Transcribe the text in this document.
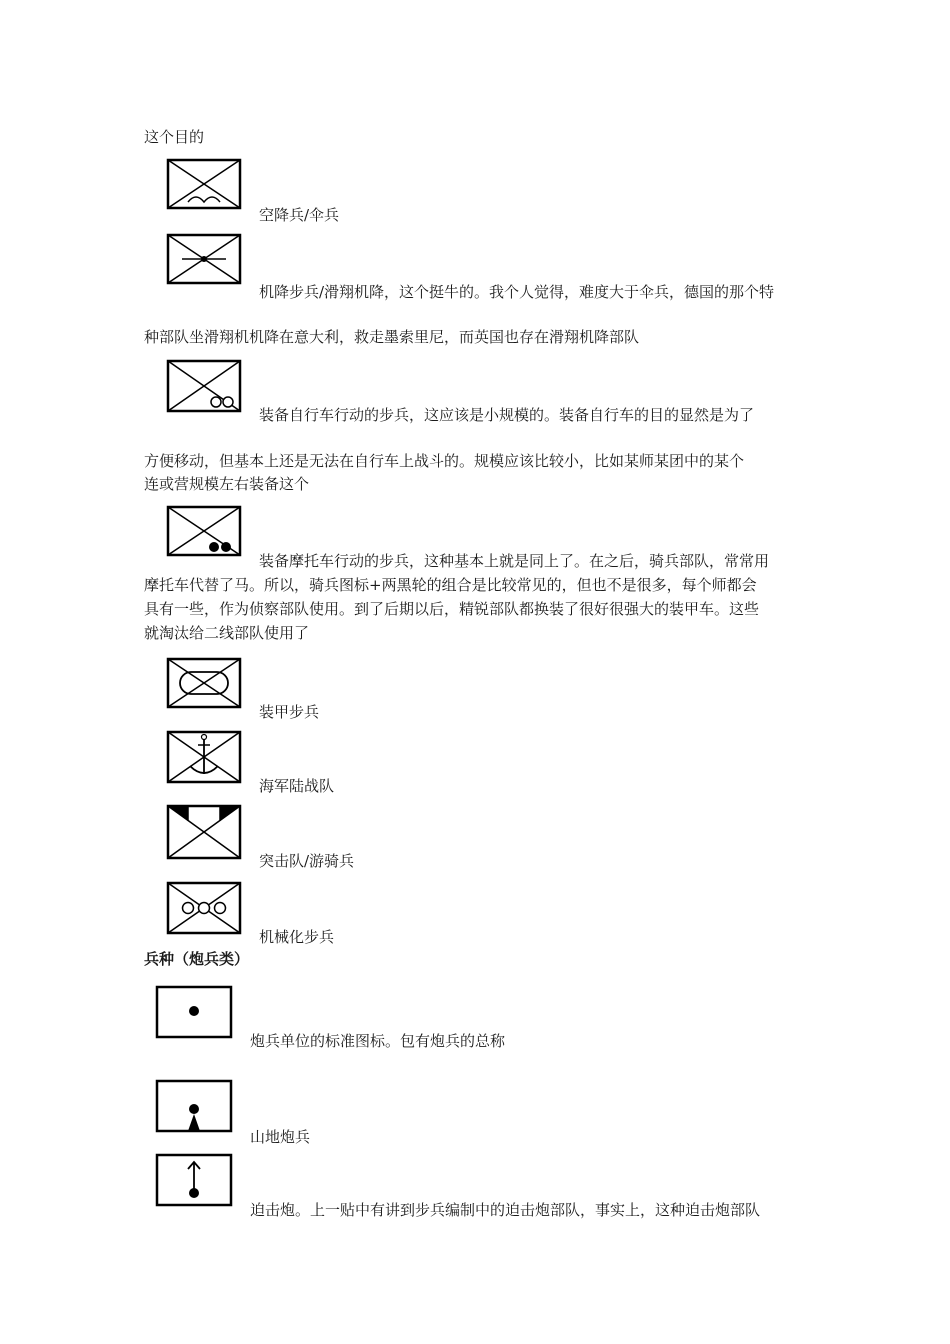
这个目的
空降兵/伞兵
机降步兵/滑翔机降，这个挺牛的。我个人觉得，难度大于伞兵，德国的那个特
种部队坐滑翔机机降在意大利，救走墨索里尼，而英国也存在滑翔机降部队
装备自行车行动的步兵，这应该是小规模的。装备自行车的目的显然是为了
方便移动，但基本上还是无法在自行车上战斗的。规模应该比较小，比如某师某团中的某个
连或营规模左右装备这个
装备摩托车行动的步兵，这种基本上就是同上了。在之后，骑兵部队，常常用
摩托车代替了马。所以，骑兵图标+两黑轮的组合是比较常见的，但也不是很多，每个师都会
具有一些，作为侦察部队使用。到了后期以后，精锐部队都换装了很好很强大的装甲车。这些
就淘汰给二线部队使用了
装甲步兵
海军陆战队
突击队/游骑兵
机械化步兵
兵种（炮兵类）
炮兵单位的标准图标。包有炮兵的总称
山地炮兵
迫击炮。上一贴中有讲到步兵编制中的迫击炮部队，事实上，这种迫击炮部队
